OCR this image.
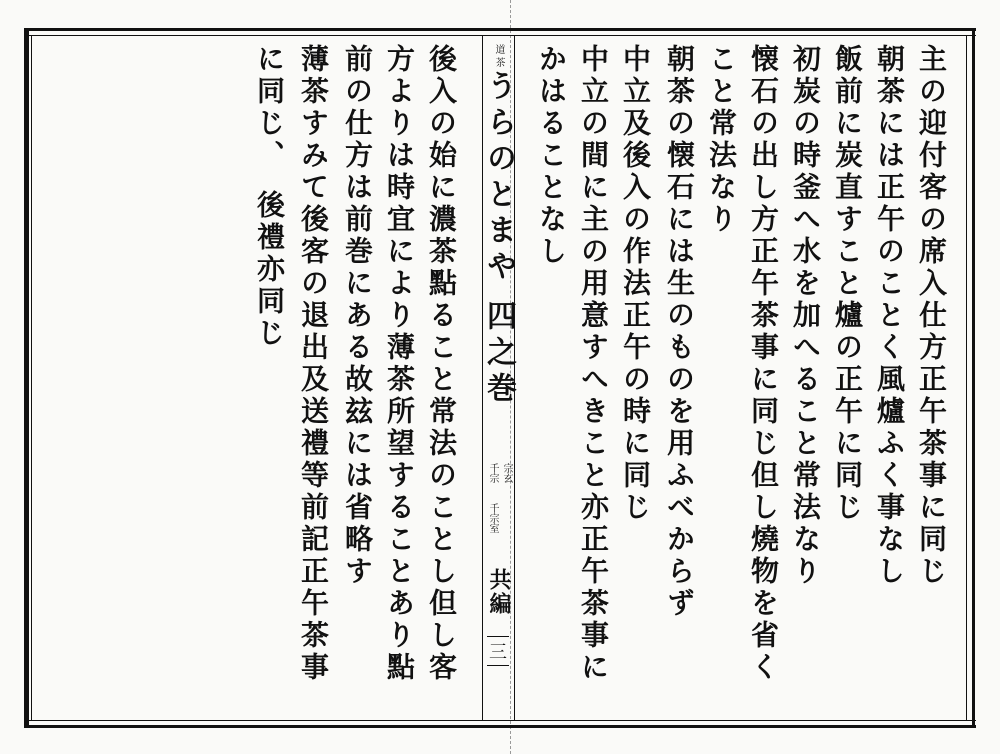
主の迎付客の席入仕方正午茶事に同じ
朝茶には正午のことく風爐ふく事なし
飯前に炭直すこと爐の正午に同じ
初炭の時釜へ水を加へること常法なり
懐石の出し方正午茶事に同じ但し燒物を省く
こと常法なり
朝茶の懐石には生のものを用ふべからず
中立及後入の作法正午の時に同じ
中立の間に主の用意すへきこと亦正午茶事に
かはることなし
道 茶
うらのとまや四之巻
宗玄
千宗
千宗室
共編
三
後入の始に濃茶點ること常法のことし但し客
方よりは時宜により薄茶所望することあり點
前の仕方は前巻にある故玆には省略す
薄茶すみて後客の退出及送禮等前記正午茶事
に同じ、　後禮亦同じ
